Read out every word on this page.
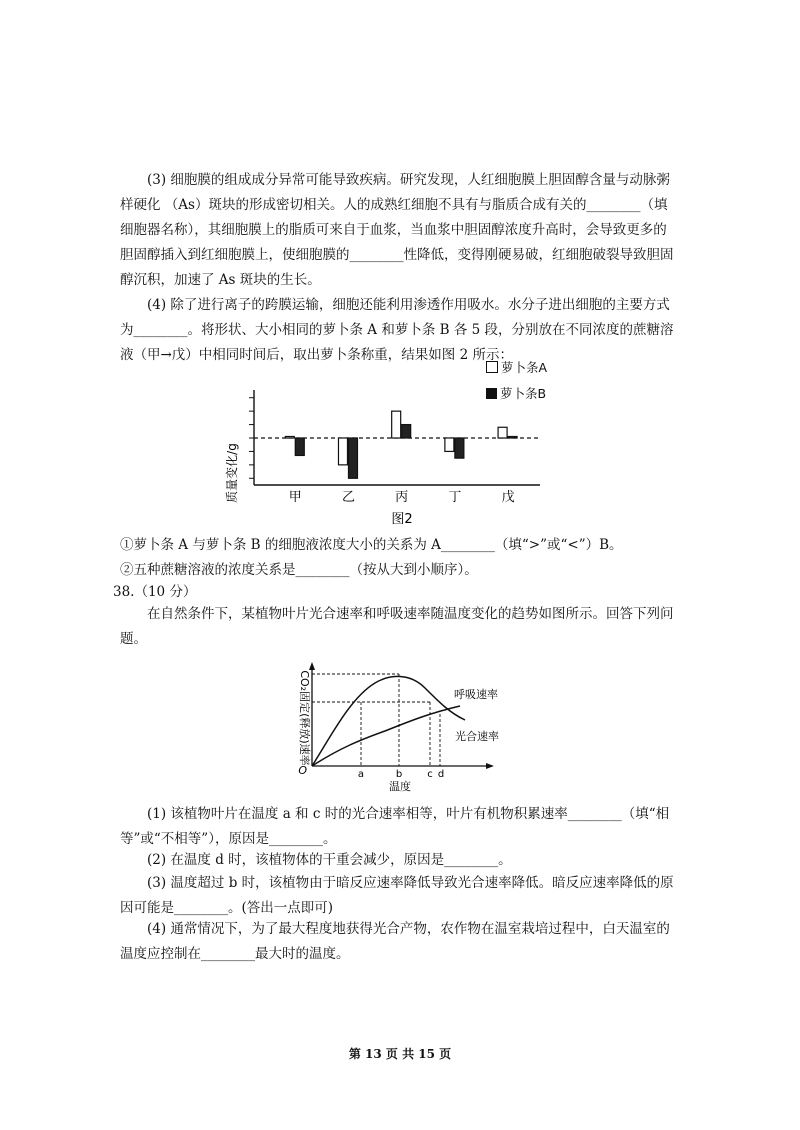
(3) 细胞膜的组成成分异常可能导致疾病。研究发现，人红细胞膜上胆固醇含量与动脉粥样硬化 （As）斑块的形成密切相关。人的成熟红细胞不具有与脂质合成有关的________（填细胞器名称），其细胞膜上的脂质可来自于血浆，当血浆中胆固醇浓度升高时，会导致更多的胆固醇插入到红细胞膜上，使细胞膜的________性降低，变得刚硬易破，红细胞破裂导致胆固醇沉积，加速了 As 斑块的生长。
(4) 除了进行离子的跨膜运输，细胞还能利用渗透作用吸水。水分子进出细胞的主要方式为________。将形状、大小相同的萝卜条 A 和萝卜条 B 各 5 段，分别放在不同浓度的蔗糖溶液（甲→戊）中相同时间后，取出萝卜条称重，结果如图 2 所示：
甲	乙	丙	丁	戊
图2
质量变化/g
萝卜条A
萝卜条B
①萝卜条 A 与萝卜条 B 的细胞液浓度大小的关系为 A________（填“>”或“<”）B。
②五种蔗糖溶液的浓度关系是________（按从大到小顺序）。
38.（10 分）
在自然条件下，某植物叶片光合速率和呼吸速率随温度变化的趋势如图所示。回答下列问题。
O	a	b	c d
温度
CO₂固定(释放)速率	呼吸速率
光合速率
(1) 该植物叶片在温度 a 和 c 时的光合速率相等，叶片有机物积累速率________（填“相等”或“不相等”），原因是________。
(2) 在温度 d 时，该植物体的干重会减少，原因是________。
(3) 温度超过 b 时，该植物由于暗反应速率降低导致光合速率降低。暗反应速率降低的原因可能是________。(答出一点即可)
(4) 通常情况下，为了最大程度地获得光合产物，农作物在温室栽培过程中，白天温室的温度应控制在________最大时的温度。
第 13 页 共 15 页
